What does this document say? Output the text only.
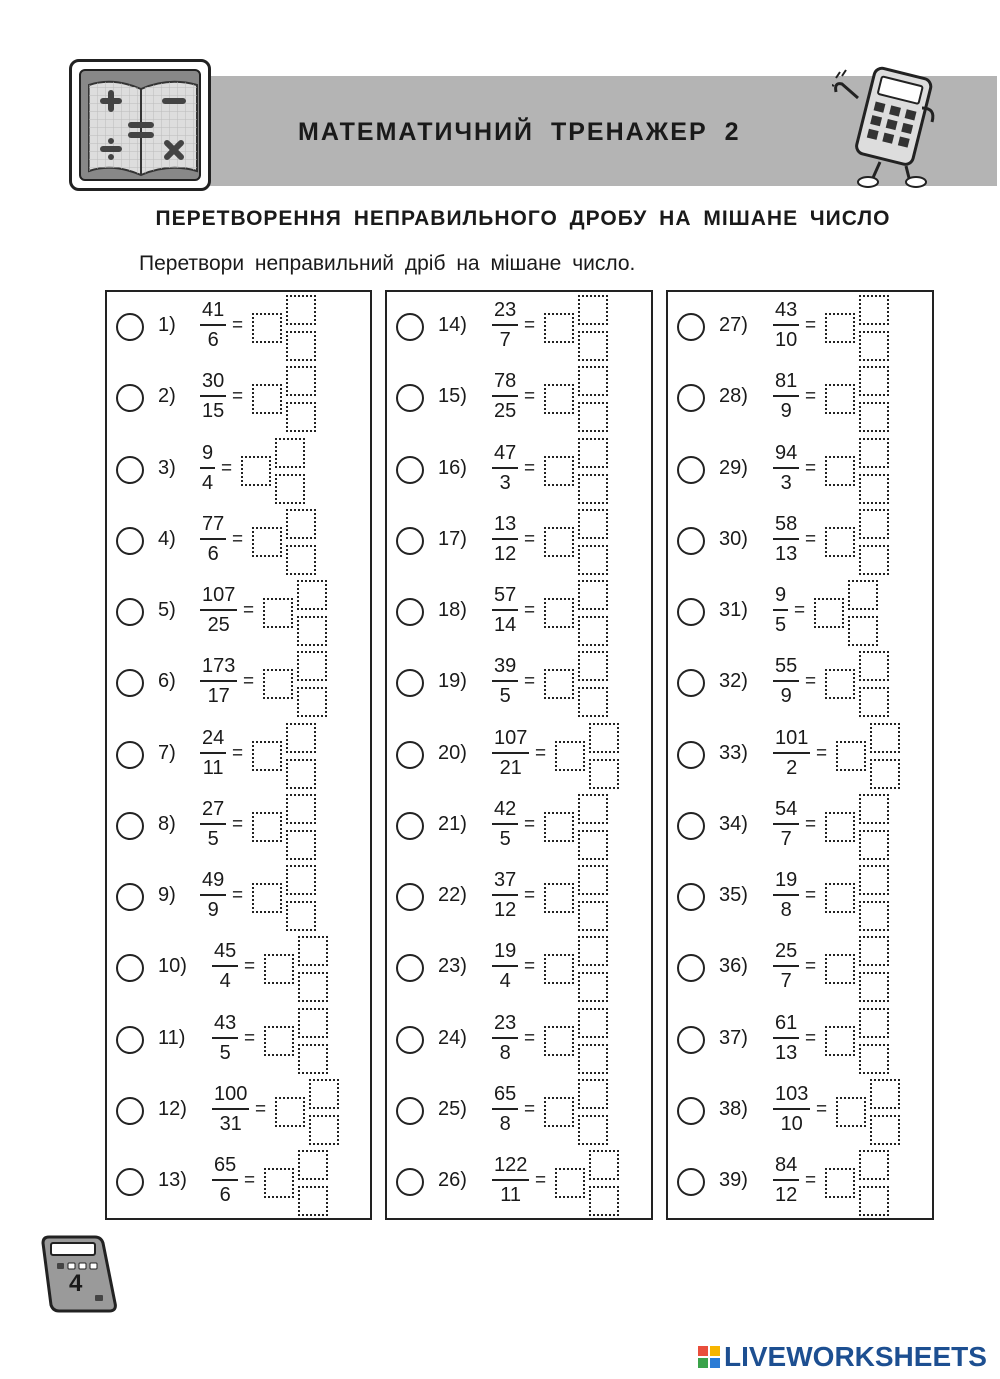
МАТЕМАТИЧНИЙ ТРЕНАЖЕР 2
ПЕРЕТВОРЕННЯ НЕПРАВИЛЬНОГО ДРОБУ НА МІШАНЕ ЧИСЛО
Перетвори неправильний дріб на мішане число.
1)
41
6
=
2)
30
15
=
3)
9
4
=
4)
77
6
=
5)
107
25
=
6)
173
17
=
7)
24
11
=
8)
27
5
=
9)
49
9
=
10)
45
4
=
11)
43
5
=
12)
100
31
=
13)
65
6
=
14)
23
7
=
15)
78
25
=
16)
47
3
=
17)
13
12
=
18)
57
14
=
19)
39
5
=
20)
107
21
=
21)
42
5
=
22)
37
12
=
23)
19
4
=
24)
23
8
=
25)
65
8
=
26)
122
11
=
27)
43
10
=
28)
81
9
=
29)
94
3
=
30)
58
13
=
31)
9
5
=
32)
55
9
=
33)
101
2
=
34)
54
7
=
35)
19
8
=
36)
25
7
=
37)
61
13
=
38)
103
10
=
39)
84
12
=
4
LIVEWORKSHEETS
